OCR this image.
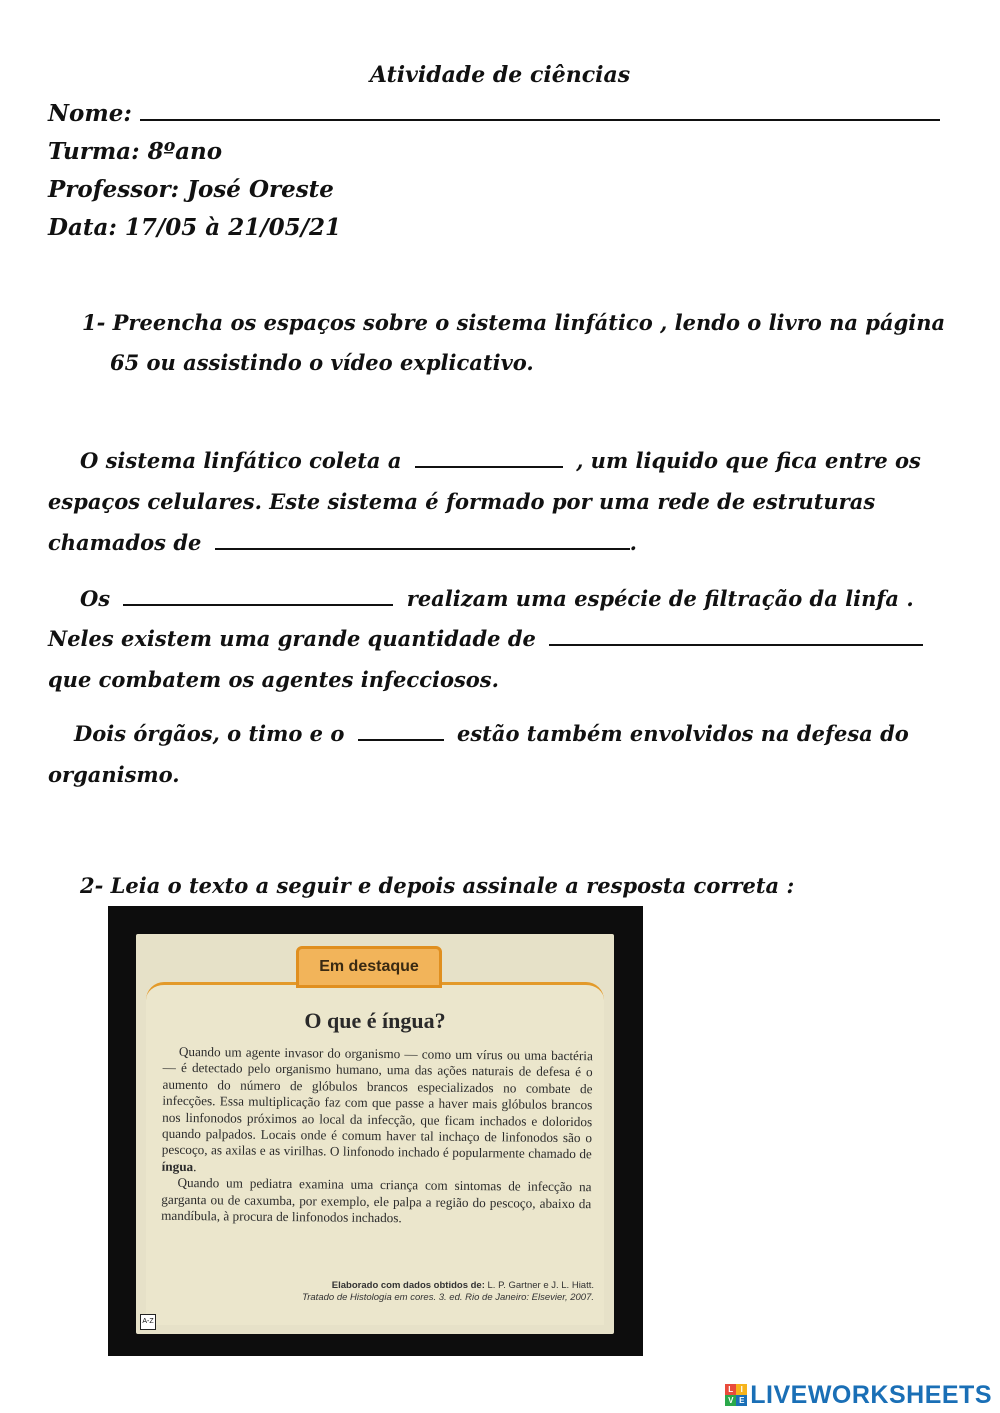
Atividade de ciências
Nome:
Turma: 8ºano
Professor: José Oreste
Data: 17/05 à 21/05/21
1- Preencha os espaços sobre o sistema linfático , lendo o livro na página
65 ou assistindo o vídeo explicativo.
O sistema linfático coleta a	, um liquido que fica entre os
espaços celulares. Este sistema é formado por uma rede de estruturas
chamados de	.
Os	realizam uma espécie de filtração da linfa .
Neles existem uma grande quantidade de
que combatem os agentes infecciosos.
Dois órgãos, o timo e o	estão também envolvidos na defesa do
organismo.
2- Leia o texto a seguir e depois assinale a resposta correta :
Em destaque
O que é íngua?

Quando um agente invasor do organismo — como um vírus ou uma bactéria — é detectado pelo organismo humano, uma das ações naturais de defesa é o aumento do número de glóbulos brancos especializados no combate de infecções. Essa multiplicação faz com que passe a haver mais glóbulos brancos nos linfonodos próximos ao local da infecção, que ficam inchados e doloridos quando palpados. Locais onde é comum haver tal inchaço de linfonodos são o pescoço, as axilas e as virilhas. O linfonodo inchado é popularmente chamado de íngua.

Quando um pediatra examina uma criança com sintomas de infecção na garganta ou de caxumba, por exemplo, ele palpa a região do pescoço, abaixo da mandíbula, à procura de linfonodos inchados.

Elaborado com dados obtidos de: L. P. Gartner e J. L. Hiatt.
Tratado de Histologia em cores. 3. ed. Rio de Janeiro: Elsevier, 2007.
A-Z
L I
V E LIVEWORKSHEETS
